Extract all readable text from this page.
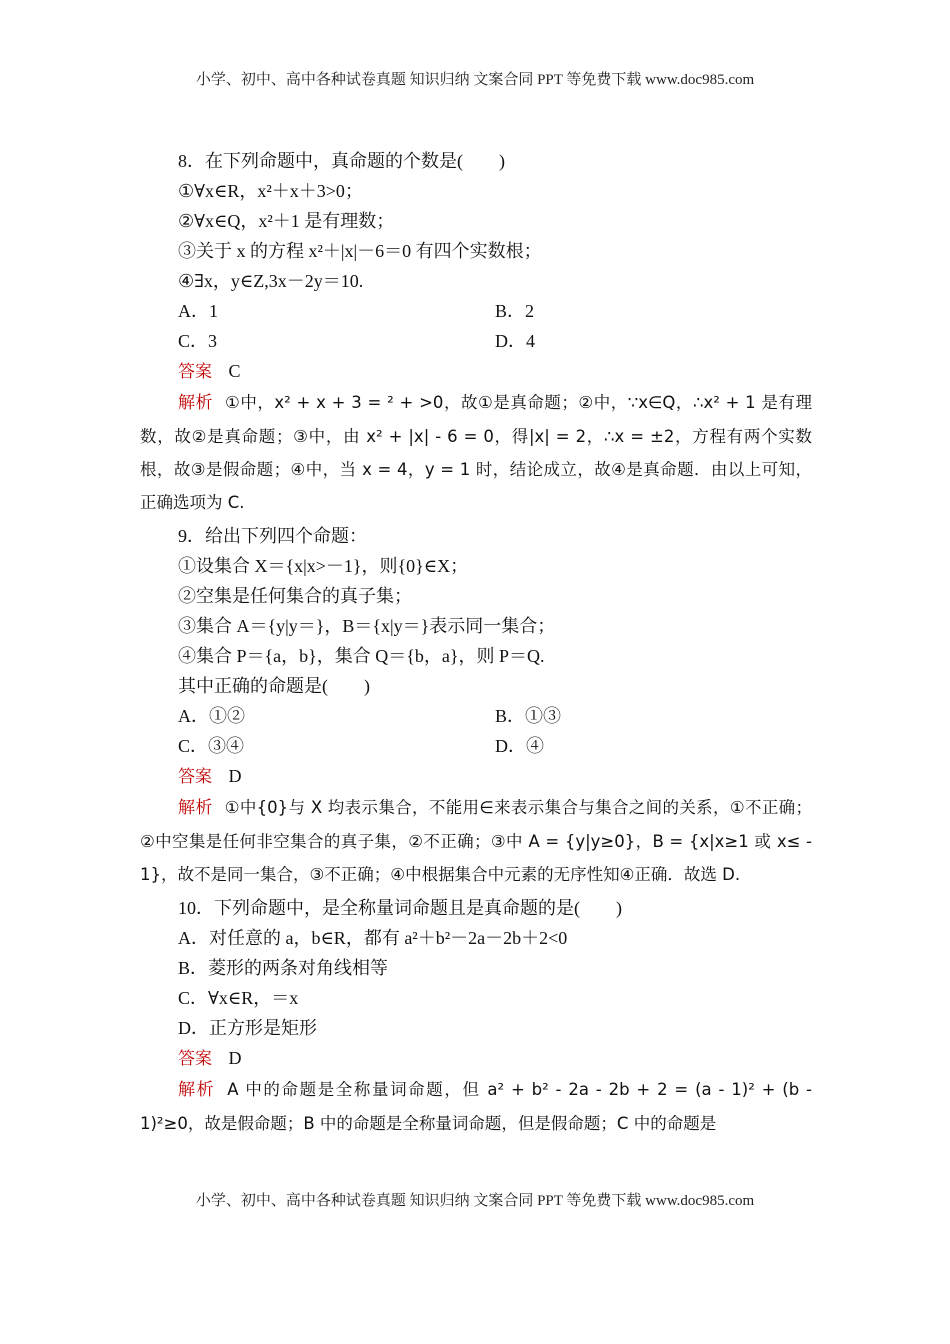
小学、初中、高中各种试卷真题 知识归纳 文案合同 PPT 等免费下载 www.doc985.com
8．在下列命题中，真命题的个数是(　　)
①∀x∈R，x²＋x＋3>0；
②∀x∈Q，x²＋1 是有理数；
③关于 x 的方程 x²＋|x|－6＝0 有四个实数根；
④∃x，y∈Z,3x－2y＝10.
A．1	B．2
C．3	D．4
答案 C

解析 ①中，x² + x + 3 = ² + >0，故①是真命题；②中，∵x∈Q，∴x² + 1 是有理数，故②是真命题；③中，由 x² + |x| - 6 = 0，得|x| = 2，∴x = ±2，方程有两个实数根，故③是假命题；④中，当 x = 4，y = 1 时，结论成立，故④是真命题．由以上可知，正确选项为 C.

9．给出下列四个命题：
①设集合 X＝{x|x>－1}，则{0}∈X；
②空集是任何集合的真子集；
③集合 A＝{y|y＝}，B＝{x|y＝}表示同一集合；
④集合 P＝{a，b}，集合 Q＝{b，a}，则 P＝Q.
其中正确的命题是(　　)
A．①②	B．①③
C．③④	D．④
答案 D

解析 ①中{0}与 X 均表示集合，不能用∈来表示集合与集合之间的关系，①不正确；②中空集是任何非空集合的真子集，②不正确；③中 A = {y|y≥0}，B = {x|x≥1 或 x≤ - 1}，故不是同一集合，③不正确；④中根据集合中元素的无序性知④正确．故选 D.

10．下列命题中，是全称量词命题且是真命题的是(　　)
A．对任意的 a，b∈R，都有 a²＋b²－2a－2b＋2<0
B．菱形的两条对角线相等
C．∀x∈R，＝x
D．正方形是矩形
答案 D

解析 A 中的命题是全称量词命题，但 a² + b² - 2a - 2b + 2 = (a - 1)² + (b - 1)²≥0，故是假命题；B 中的命题是全称量词命题，但是假命题；C 中的命题是

小学、初中、高中各种试卷真题 知识归纳 文案合同 PPT 等免费下载 www.doc985.com
